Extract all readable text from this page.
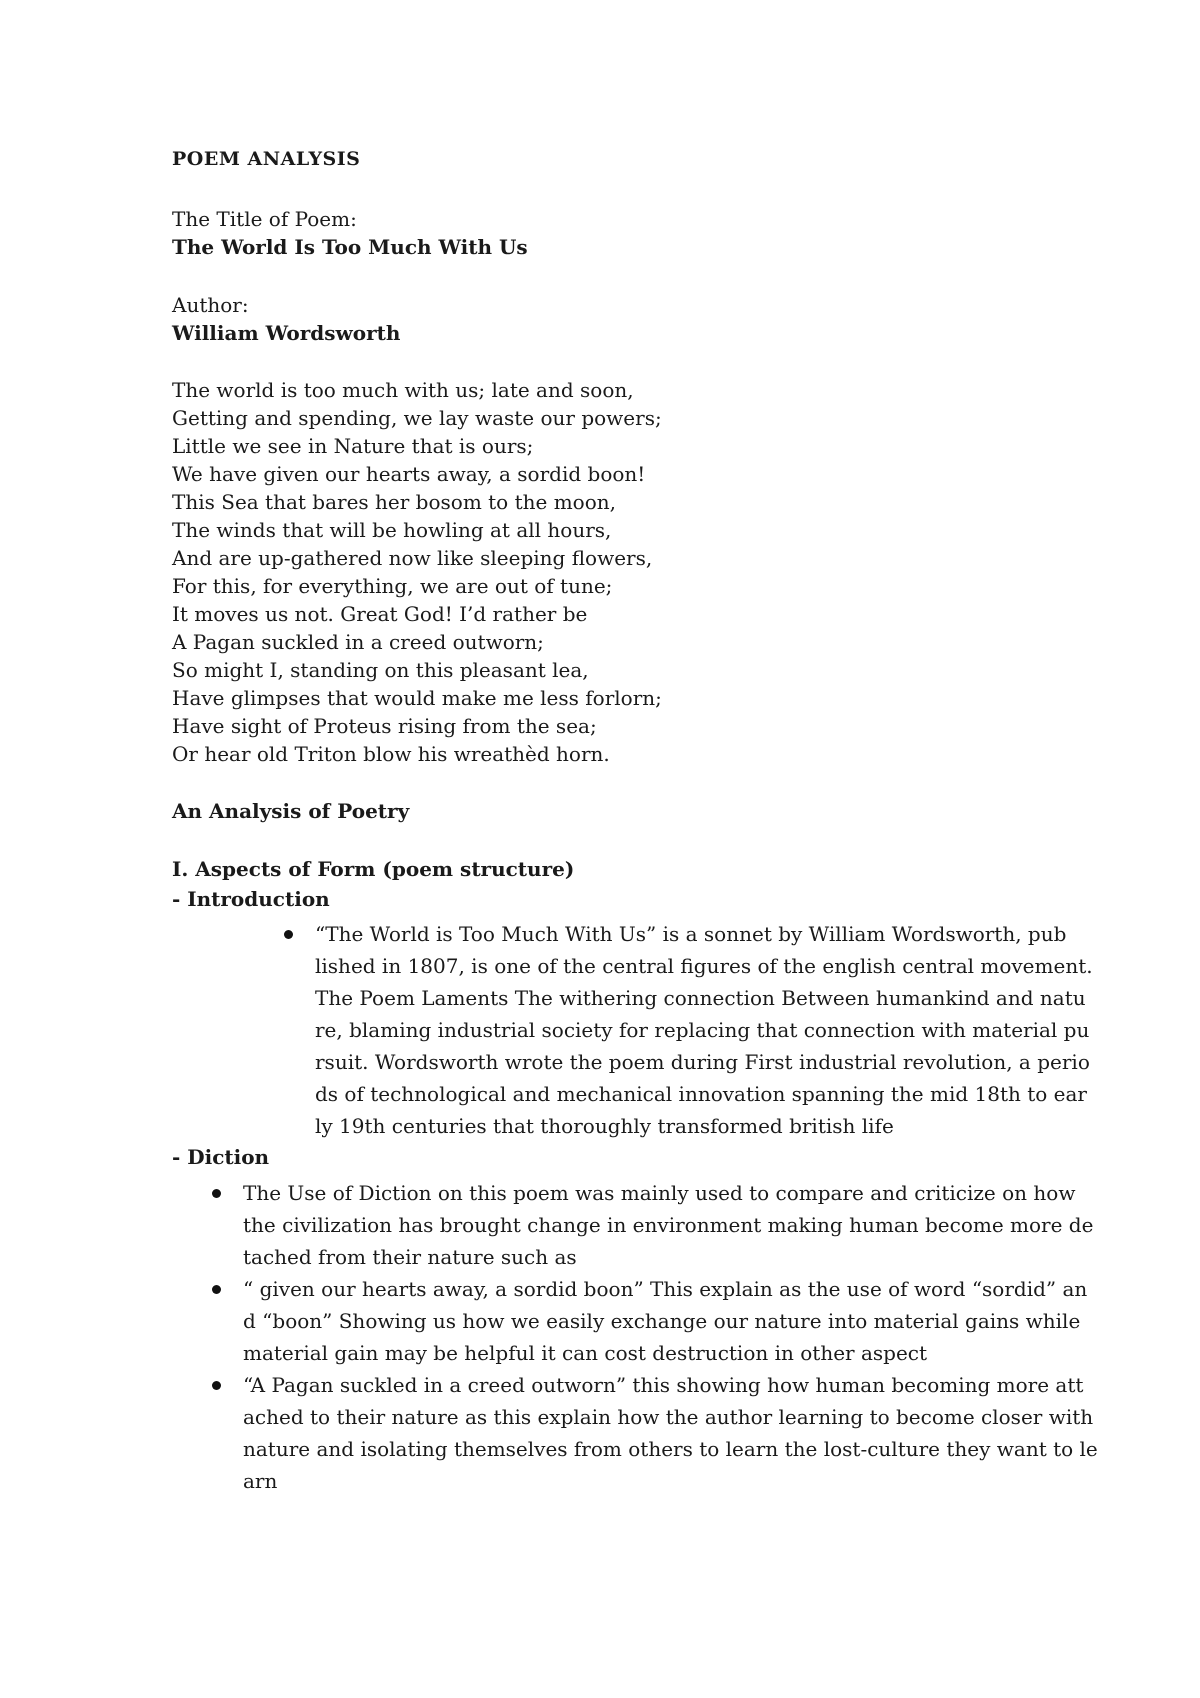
POEM ANALYSIS
The Title of Poem:
The World Is Too Much With Us
Author:
William Wordsworth
The world is too much with us; late and soon,
Getting and spending, we lay waste our powers;
Little we see in Nature that is ours;
We have given our hearts away, a sordid boon!
This Sea that bares her bosom to the moon,
The winds that will be howling at all hours,
And are up-gathered now like sleeping flowers,
For this, for everything, we are out of tune;
It moves us not. Great God! I’d rather be
A Pagan suckled in a creed outworn;
So might I, standing on this pleasant lea,
Have glimpses that would make me less forlorn;
Have sight of Proteus rising from the sea;
Or hear old Triton blow his wreathèd horn.
An Analysis of Poetry
I. Aspects of Form (poem structure)
- Introduction
“The World is Too Much With Us” is a sonnet by William Wordsworth, pub
lished in 1807, is one of the central figures of the english central movement.
The Poem Laments The withering connection Between humankind and natu
re, blaming industrial society for replacing that connection with material pu
rsuit. Wordsworth wrote the poem during First industrial revolution, a perio
ds of technological and mechanical innovation spanning the mid 18th to ear
ly 19th centuries that thoroughly transformed british life
- Diction
The Use of Diction on this poem was mainly used to compare and criticize on how
the civilization has brought change in environment making human become more de
tached from their nature such as
“ given our hearts away, a sordid boon” This explain as the use of word “sordid” an
d “boon” Showing us how we easily exchange our nature into material gains while
material gain may be helpful it can cost destruction in other aspect
“A Pagan suckled in a creed outworn” this showing how human becoming more att
ached to their nature as this explain how the author learning to become closer with
nature and isolating themselves from others to learn the lost-culture they want to le
arn
